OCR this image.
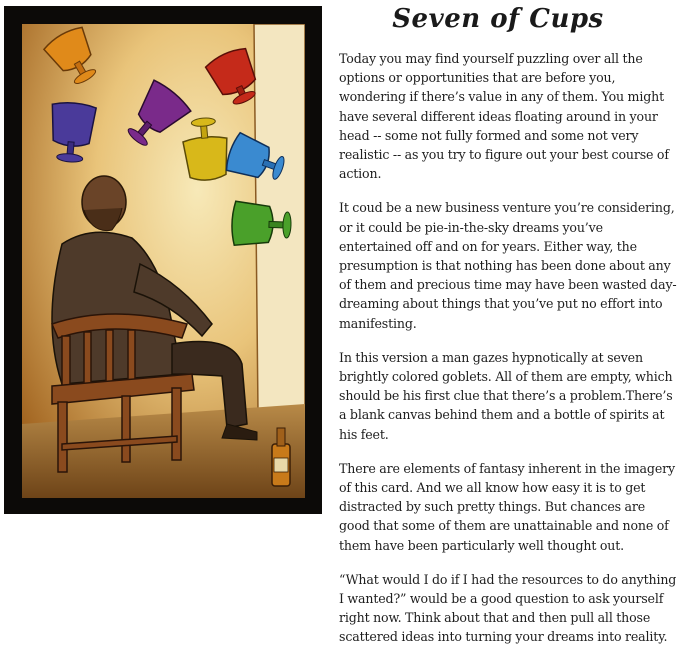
Seven of Cups

Today you may find yourself puzzling over all the options or opportunities that are before you, wondering if there’s value in any of them. You might have several different ideas floating around in your head -- some not fully formed and some not very realistic -- as you try to figure out your best course of action.

It coud be a new business venture you’re considering, or it could be pie-in-the-sky dreams you’ve entertained off and on for years. Either way, the presumption is that nothing has been done about any of them and precious time may have been wasted day-dreaming about things that you’ve put no effort into manifesting.

In this version a man gazes hypnotically at seven brightly colored goblets. All of them are empty, which should be his first clue that there’s a problem.There’s a blank canvas behind them and a bottle of spirits at his feet.

There are elements of fantasy inherent in the imagery of this card. And we all know how easy it is to get distracted by such pretty things. But chances are good that some of them are unattainable and none of them have been particularly well thought out.

“What would I do if I had the resources to do anything I wanted?” would be a good question to ask yourself right now. Think about that and then pull all those scattered ideas into turning your dreams into reality.
